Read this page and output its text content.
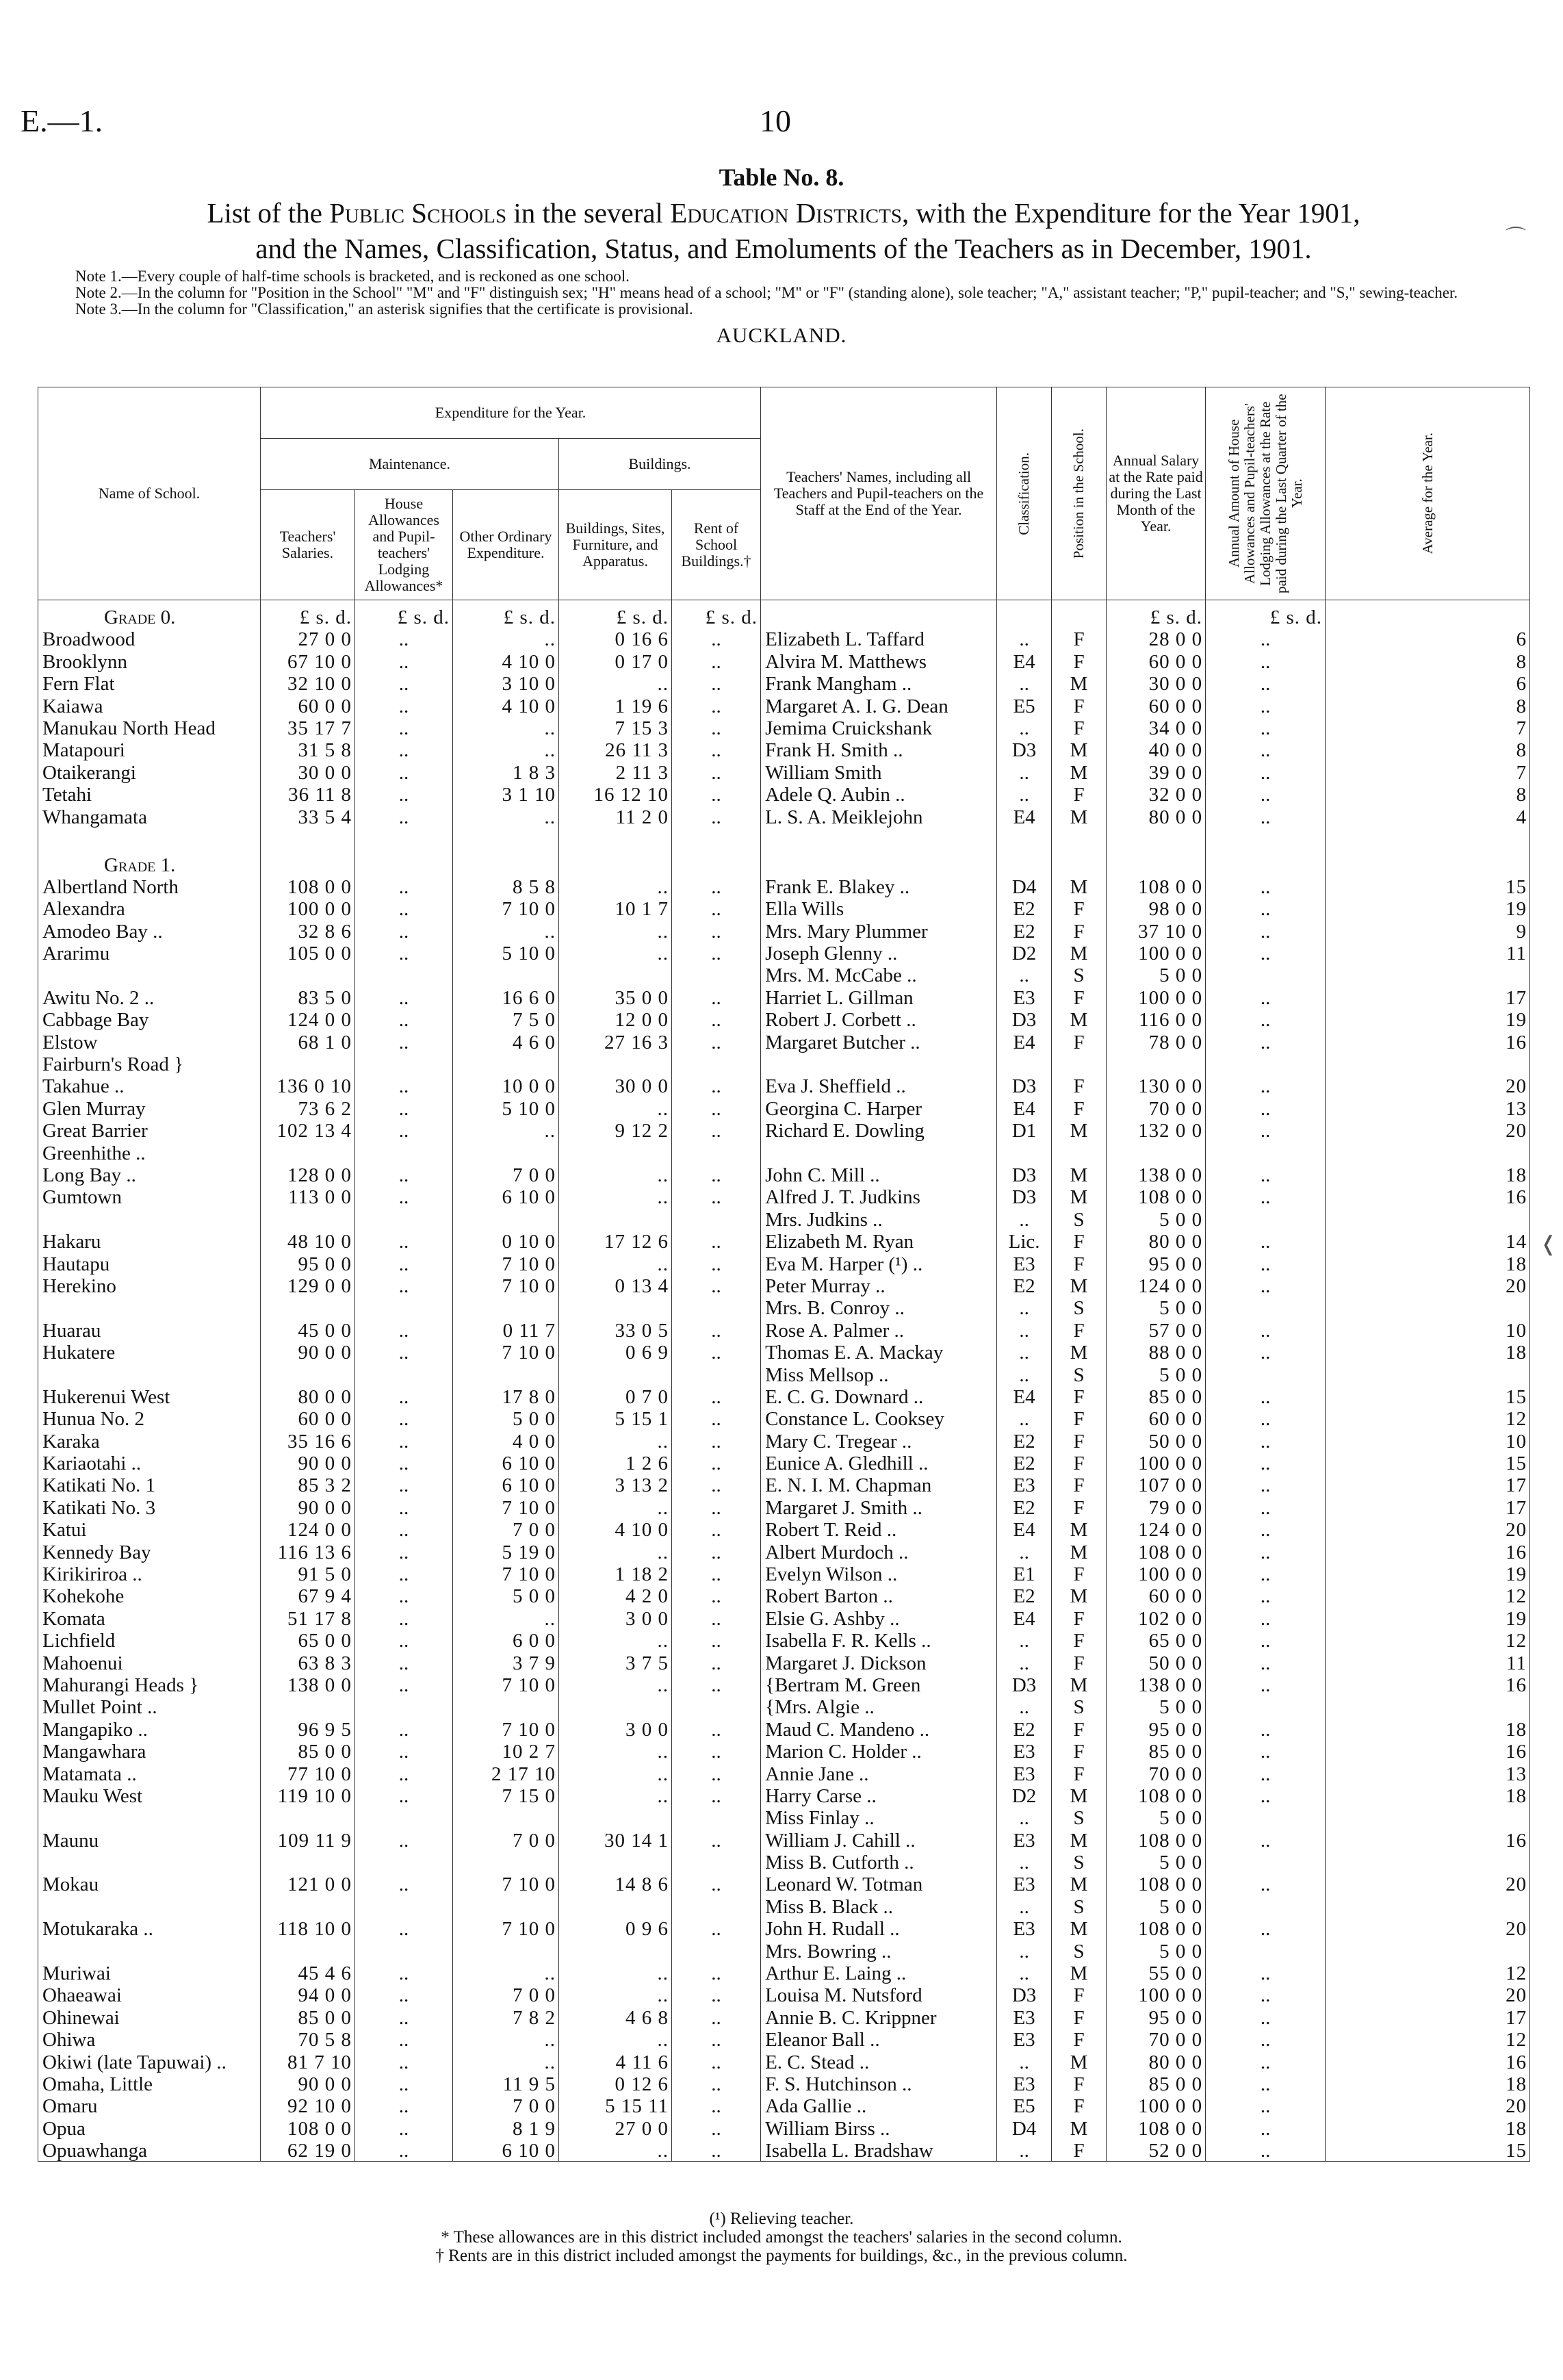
E.—1.	10
Table No. 8.
List of the Public Schools in the several Education Districts, with the Expenditure for the Year 1901,
and the Names, Classification, Status, and Emoluments of the Teachers as in December, 1901.

Note 1.—Every couple of half-time schools is bracketed, and is reckoned as one school.

Note 2.—In the column for "Position in the School" "M" and "F" distinguish sex; "H" means head of a school; "M" or "F" (standing alone), sole teacher; "A," assistant teacher; "P," pupil-teacher; and "S," sewing-teacher.

Note 3.—In the column for "Classification," an asterisk signifies that the certificate is provisional.

AUCKLAND.
Name of School.	Expenditure for the Year.					Teachers' Names, including all Teachers and Pupil-teachers on the Staff at the End of the Year.	Classification.	Position in the School.	Annual Salary at the Rate paid during the Last Month of the Year.	Annual Amount of House Allowances and Pupil-teachers' Lodging Allowances at the Rate paid during the Last Quarter of the Year.	Average for the Year.

	Maintenance.			Buildings.							
	Teachers' Salaries.	House Allowances and Pupil-teachers' Lodging Allowances*	Other Ordinary Expenditure.	Buildings, Sites, Furniture, and Apparatus.	Rent of School Buildings.†						
Grade 0.	£ s. d.	£ s. d.	£ s. d.	£ s. d.	£ s. d.				£ s. d.	£ s. d.	
Broadwood	27 0 0	..	..	0 16 6	..	Elizabeth L. Taffard	..	F	28 0 0	..	6
Brooklynn	67 10 0	..	4 10 0	0 17 0	..	Alvira M. Matthews	E4	F	60 0 0	..	8
Fern Flat	32 10 0	..	3 10 0	..	..	Frank Mangham ..	..	M	30 0 0	..	6
Kaiawa	60 0 0	..	4 10 0	1 19 6	..	Margaret A. I. G. Dean	E5	F	60 0 0	..	8
Manukau North Head	35 17 7	..	..	7 15 3	..	Jemima Cruickshank	..	F	34 0 0	..	7
Matapouri	31 5 8	..	..	26 11 3	..	Frank H. Smith ..	D3	M	40 0 0	..	8
Otaikerangi	30 0 0	..	1 8 3	2 11 3	..	William Smith	..	M	39 0 0	..	7
Tetahi	36 11 8	..	3 1 10	16 12 10	..	Adele Q. Aubin ..	..	F	32 0 0	..	8
Whangamata	33 5 4	..	..	11 2 0	..	L. S. A. Meiklejohn	E4	M	80 0 0	..	4

Grade 1.											
Albertland North	108 0 0	..	8 5 8	..	..	Frank E. Blakey ..	D4	M	108 0 0	..	15
Alexandra	100 0 0	..	7 10 0	10 1 7	..	Ella Wills	E2	F	98 0 0	..	19
Amodeo Bay ..	32 8 6	..	..	..	..	Mrs. Mary Plummer	E2	F	37 10 0	..	9
Ararimu	105 0 0	..	5 10 0	..	..	Joseph Glenny ..	D2	M	100 0 0	..	11
						Mrs. M. McCabe ..	..	S	5 0 0		
Awitu No. 2 ..	83 5 0	..	16 6 0	35 0 0	..	Harriet L. Gillman	E3	F	100 0 0	..	17
Cabbage Bay	124 0 0	..	7 5 0	12 0 0	..	Robert J. Corbett ..	D3	M	116 0 0	..	19
Elstow	68 1 0	..	4 6 0	27 16 3	..	Margaret Butcher ..	E4	F	78 0 0	..	16
Fairburn's Road }											
Takahue ..	136 0 10	..	10 0 0	30 0 0	..	Eva J. Sheffield ..	D3	F	130 0 0	..	20
Glen Murray	73 6 2	..	5 10 0	..	..	Georgina C. Harper	E4	F	70 0 0	..	13
Great Barrier	102 13 4	..	..	9 12 2	..	Richard E. Dowling	D1	M	132 0 0	..	20
Greenhithe ..											
Long Bay ..	128 0 0	..	7 0 0	..	..	John C. Mill ..	D3	M	138 0 0	..	18
Gumtown	113 0 0	..	6 10 0	..	..	Alfred J. T. Judkins	D3	M	108 0 0	..	16
						Mrs. Judkins ..	..	S	5 0 0		
Hakaru	48 10 0	..	0 10 0	17 12 6	..	Elizabeth M. Ryan	Lic.	F	80 0 0	..	14
Hautapu	95 0 0	..	7 10 0	..	..	Eva M. Harper (¹) ..	E3	F	95 0 0	..	18
Herekino	129 0 0	..	7 10 0	0 13 4	..	Peter Murray ..	E2	M	124 0 0	..	20
						Mrs. B. Conroy ..	..	S	5 0 0		
Huarau	45 0 0	..	0 11 7	33 0 5	..	Rose A. Palmer ..	..	F	57 0 0	..	10
Hukatere	90 0 0	..	7 10 0	0 6 9	..	Thomas E. A. Mackay	..	M	88 0 0	..	18
						Miss Mellsop ..	..	S	5 0 0		
Hukerenui West	80 0 0	..	17 8 0	0 7 0	..	E. C. G. Downard ..	E4	F	85 0 0	..	15
Hunua No. 2	60 0 0	..	5 0 0	5 15 1	..	Constance L. Cooksey	..	F	60 0 0	..	12
Karaka	35 16 6	..	4 0 0	..	..	Mary C. Tregear ..	E2	F	50 0 0	..	10
Kariaotahi ..	90 0 0	..	6 10 0	1 2 6	..	Eunice A. Gledhill ..	E2	F	100 0 0	..	15
Katikati No. 1	85 3 2	..	6 10 0	3 13 2	..	E. N. I. M. Chapman	E3	F	107 0 0	..	17
Katikati No. 3	90 0 0	..	7 10 0	..	..	Margaret J. Smith ..	E2	F	79 0 0	..	17
Katui	124 0 0	..	7 0 0	4 10 0	..	Robert T. Reid ..	E4	M	124 0 0	..	20
Kennedy Bay	116 13 6	..	5 19 0	..	..	Albert Murdoch ..	..	M	108 0 0	..	16
Kirikiriroa ..	91 5 0	..	7 10 0	1 18 2	..	Evelyn Wilson ..	E1	F	100 0 0	..	19
Kohekohe	67 9 4	..	5 0 0	4 2 0	..	Robert Barton ..	E2	M	60 0 0	..	12
Komata	51 17 8	..	..	3 0 0	..	Elsie G. Ashby ..	E4	F	102 0 0	..	19
Lichfield	65 0 0	..	6 0 0	..	..	Isabella F. R. Kells ..	..	F	65 0 0	..	12
Mahoenui	63 8 3	..	3 7 9	3 7 5	..	Margaret J. Dickson	..	F	50 0 0	..	11
Mahurangi Heads }	138 0 0	..	7 10 0	..	..	{Bertram M. Green	D3	M	138 0 0	..	16
Mullet Point ..						{Mrs. Algie ..	..	S	5 0 0		
Mangapiko ..	96 9 5	..	7 10 0	3 0 0	..	Maud C. Mandeno ..	E2	F	95 0 0	..	18
Mangawhara	85 0 0	..	10 2 7	..	..	Marion C. Holder ..	E3	F	85 0 0	..	16
Matamata ..	77 10 0	..	2 17 10	..	..	Annie Jane ..	E3	F	70 0 0	..	13
Mauku West	119 10 0	..	7 15 0	..	..	Harry Carse ..	D2	M	108 0 0	..	18
						Miss Finlay ..	..	S	5 0 0		
Maunu	109 11 9	..	7 0 0	30 14 1	..	William J. Cahill ..	E3	M	108 0 0	..	16
						Miss B. Cutforth ..	..	S	5 0 0		
Mokau	121 0 0	..	7 10 0	14 8 6	..	Leonard W. Totman	E3	M	108 0 0	..	20
						Miss B. Black ..	..	S	5 0 0		
Motukaraka ..	118 10 0	..	7 10 0	0 9 6	..	John H. Rudall ..	E3	M	108 0 0	..	20
						Mrs. Bowring ..	..	S	5 0 0		
Muriwai	45 4 6	..	..	..	..	Arthur E. Laing ..	..	M	55 0 0	..	12
Ohaeawai	94 0 0	..	7 0 0	..	..	Louisa M. Nutsford	D3	F	100 0 0	..	20
Ohinewai	85 0 0	..	7 8 2	4 6 8	..	Annie B. C. Krippner	E3	F	95 0 0	..	17
Ohiwa	70 5 8	..	..	..	..	Eleanor Ball ..	E3	F	70 0 0	..	12
Okiwi (late Tapuwai) ..	81 7 10	..	..	4 11 6	..	E. C. Stead ..	..	M	80 0 0	..	16
Omaha, Little	90 0 0	..	11 9 5	0 12 6	..	F. S. Hutchinson ..	E3	F	85 0 0	..	18
Omaru	92 10 0	..	7 0 0	5 15 11	..	Ada Gallie ..	E5	F	100 0 0	..	20
Opua	108 0 0	..	8 1 9	27 0 0	..	William Birss ..	D4	M	108 0 0	..	18
Opuawhanga	62 19 0	..	6 10 0	..	..	Isabella L. Bradshaw	..	F	52 0 0	..	15

(¹) Relieving teacher.

* These allowances are in this district included amongst the teachers' salaries in the second column.

† Rents are in this district included amongst the payments for buildings, &c., in the previous column.

⌒
❬
